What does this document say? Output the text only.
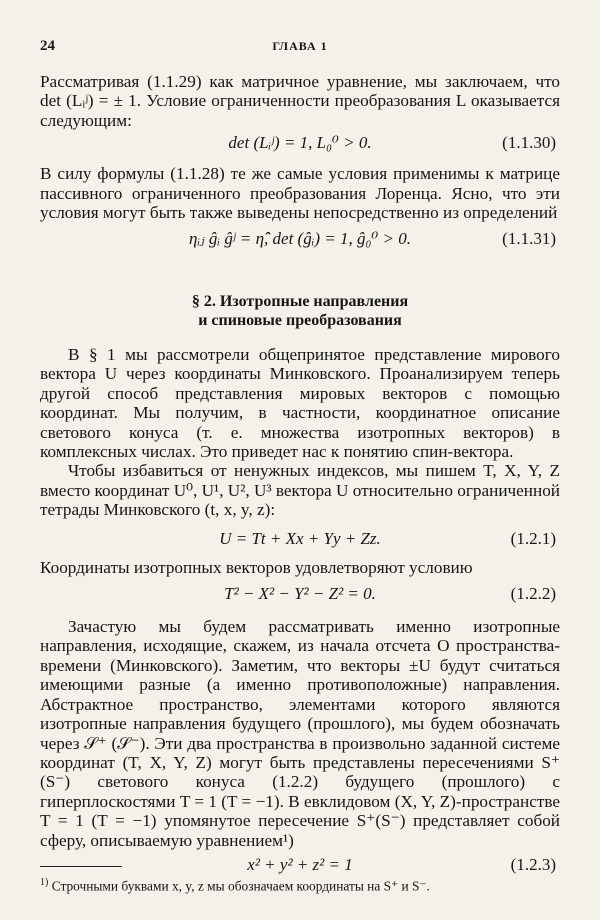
24	ГЛАВА 1

Рассматривая (1.1.29) как матричное уравнение, мы заключаем, что det (Lᵢʲ) = ± 1. Условие ограниченности преобразования L оказывается следующим:

det (Lᵢʲ) = 1, L₀⁰ > 0.	(1.1.30)

В силу формулы (1.1.28) те же самые условия применимы к матрице пассивного ограниченного преобразования Лоренца. Ясно, что эти условия могут быть также выведены непосредственно из определений

ηᵢⱼ ĝᵢ ĝʲ = η̂̂, det (ĝᵢ) = 1, ĝ₀⁰ > 0.	(1.1.31)

§ 2. Изотропные направления

и спиновые преобразования

В § 1 мы рассмотрели общепринятое представление мирового вектора U через координаты Минковского. Проанализируем теперь другой способ представления мировых векторов с помощью координат. Мы получим, в частности, координатное описание светового конуса (т. е. множества изотропных векторов) в комплексных числах. Это приведет нас к понятию спин-вектора.

Чтобы избавиться от ненужных индексов, мы пишем T, X, Y, Z вместо координат U⁰, U¹, U², U³ вектора U относительно ограниченной тетрады Минковского (t, x, y, z):

U = Tt + Xx + Yy + Zz.	(1.2.1)

Координаты изотропных векторов удовлетворяют условию

T² − X² − Y² − Z² = 0.	(1.2.2)

Зачастую мы будем рассматривать именно изотропные направления, исходящие, скажем, из начала отсчета O пространства-времени (Минковского). Заметим, что векторы ±U будут считаться имеющими разные (а именно противоположные) направления. Абстрактное пространство, элементами которого являются изотропные направления будущего (прошлого), мы будем обозначать через 𝒮⁺ (𝒮⁻). Эти два пространства в произвольно заданной системе координат (T, X, Y, Z) могут быть представлены пересечениями S⁺ (S⁻) светового конуса (1.2.2) будущего (прошлого) с гиперплоскостями T = 1 (T = −1). В евклидовом (X, Y, Z)-пространстве T = 1 (T = −1) упомянутое пересечение S⁺(S⁻) представляет собой сферу, описываемую уравнением¹)

x² + y² + z² = 1	(1.2.3)
$^{1)}$ Строчными буквами x, y, z мы обозначаем координаты на S⁺ и S⁻.
